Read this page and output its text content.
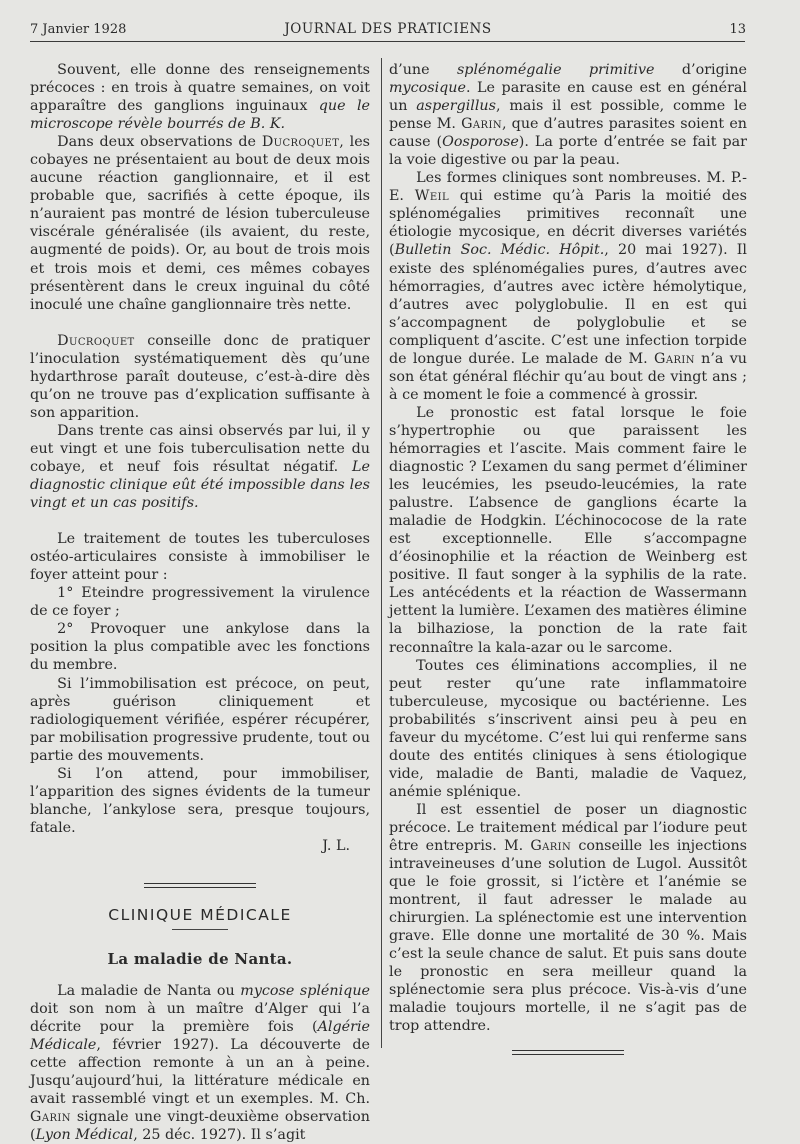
7 Janvier 1928	JOURNAL DES PRATICIENS	13

Souvent, elle donne des renseignements précoces : en trois à quatre semaines, on voit apparaître des ganglions inguinaux que le microscope révèle bourrés de B. K.

Dans deux observations de Ducroquet, les cobayes ne présentaient au bout de deux mois aucune réaction ganglionnaire, et il est probable que, sacrifiés à cette époque, ils n’auraient pas montré de lésion tuberculeuse viscérale généralisée (ils avaient, du reste, augmenté de poids). Or, au bout de trois mois et trois mois et demi, ces mêmes cobayes présentèrent dans le creux inguinal du côté inoculé une chaîne ganglionnaire très nette.

Ducroquet conseille donc de pratiquer l’inoculation systématiquement dès qu’une hydarthrose paraît douteuse, c’est-à-dire dès qu’on ne trouve pas d’explication suffisante à son apparition.

Dans trente cas ainsi observés par lui, il y eut vingt et une fois tuberculisation nette du cobaye, et neuf fois résultat négatif. Le diagnostic clinique eût été impossible dans les vingt et un cas positifs.

Le traitement de toutes les tuberculoses ostéo-articulaires consiste à immobiliser le foyer atteint pour :

1° Eteindre progressivement la virulence de ce foyer ;

2° Provoquer une ankylose dans la position la plus compatible avec les fonctions du membre.

Si l’immobilisation est précoce, on peut, après guérison cliniquement et radiologiquement vérifiée, espérer récupérer, par mobilisation progressive prudente, tout ou partie des mouvements.

Si l’on attend, pour immobiliser, l’apparition des signes évidents de la tumeur blanche, l’ankylose sera, presque toujours, fatale.

J. L.

CLINIQUE MÉDICALE
La maladie de Nanta.

La maladie de Nanta ou mycose splénique doit son nom à un maître d’Alger qui l’a décrite pour la première fois (Algérie Médicale, février 1927). La découverte de cette affection remonte à un an à peine. Jusqu’aujourd’hui, la littérature médicale en avait rassemblé vingt et un exemples. M. Ch. Garin signale une vingt-deuxième observation (Lyon Médical, 25 déc. 1927). Il s’agit

d’une splénomégalie primitive d’origine mycosique. Le parasite en cause est en général un aspergillus, mais il est possible, comme le pense M. Garin, que d’autres parasites soient en cause (Oosporose). La porte d’entrée se fait par la voie digestive ou par la peau.

Les formes cliniques sont nombreuses. M. P.-E. Weil qui estime qu’à Paris la moitié des splénomégalies primitives reconnaît une étiologie mycosique, en décrit diverses variétés (Bulletin Soc. Médic. Hôpit., 20 mai 1927). Il existe des splénomégalies pures, d’autres avec hémorragies, d’autres avec ictère hémolytique, d’autres avec polyglobulie. Il en est qui s’accompagnent de polyglobulie et se compliquent d’ascite. C’est une infection torpide de longue durée. Le malade de M. Garin n’a vu son état général fléchir qu’au bout de vingt ans ; à ce moment le foie a commencé à grossir.

Le pronostic est fatal lorsque le foie s’hypertrophie ou que paraissent les hémorragies et l’ascite. Mais comment faire le diagnostic ? L’examen du sang permet d’éliminer les leucémies, les pseudo-leucémies, la rate palustre. L’absence de ganglions écarte la maladie de Hodgkin. L’échinococose de la rate est exceptionnelle. Elle s’accompagne d’éosinophilie et la réaction de Weinberg est positive. Il faut songer à la syphilis de la rate. Les antécédents et la réaction de Wassermann jettent la lumière. L’examen des matières élimine la bilhaziose, la ponction de la rate fait reconnaître la kala-azar ou le sarcome.

Toutes ces éliminations accomplies, il ne peut rester qu’une rate inflammatoire tuberculeuse, mycosique ou bactérienne. Les probabilités s’inscrivent ainsi peu à peu en faveur du mycétome. C’est lui qui renferme sans doute des entités cliniques à sens étiologique vide, maladie de Banti, maladie de Vaquez, anémie splénique.

Il est essentiel de poser un diagnostic précoce. Le traitement médical par l’iodure peut être entrepris. M. Garin conseille les injections intraveineuses d’une solution de Lugol. Aussitôt que le foie grossit, si l’ictère et l’anémie se montrent, il faut adresser le malade au chirurgien. La splénectomie est une intervention grave. Elle donne une mortalité de 30 %. Mais c’est la seule chance de salut. Et puis sans doute le pronostic en sera meilleur quand la splénectomie sera plus précoce. Vis-à-vis d’une maladie toujours mortelle, il ne s’agit pas de trop attendre.
